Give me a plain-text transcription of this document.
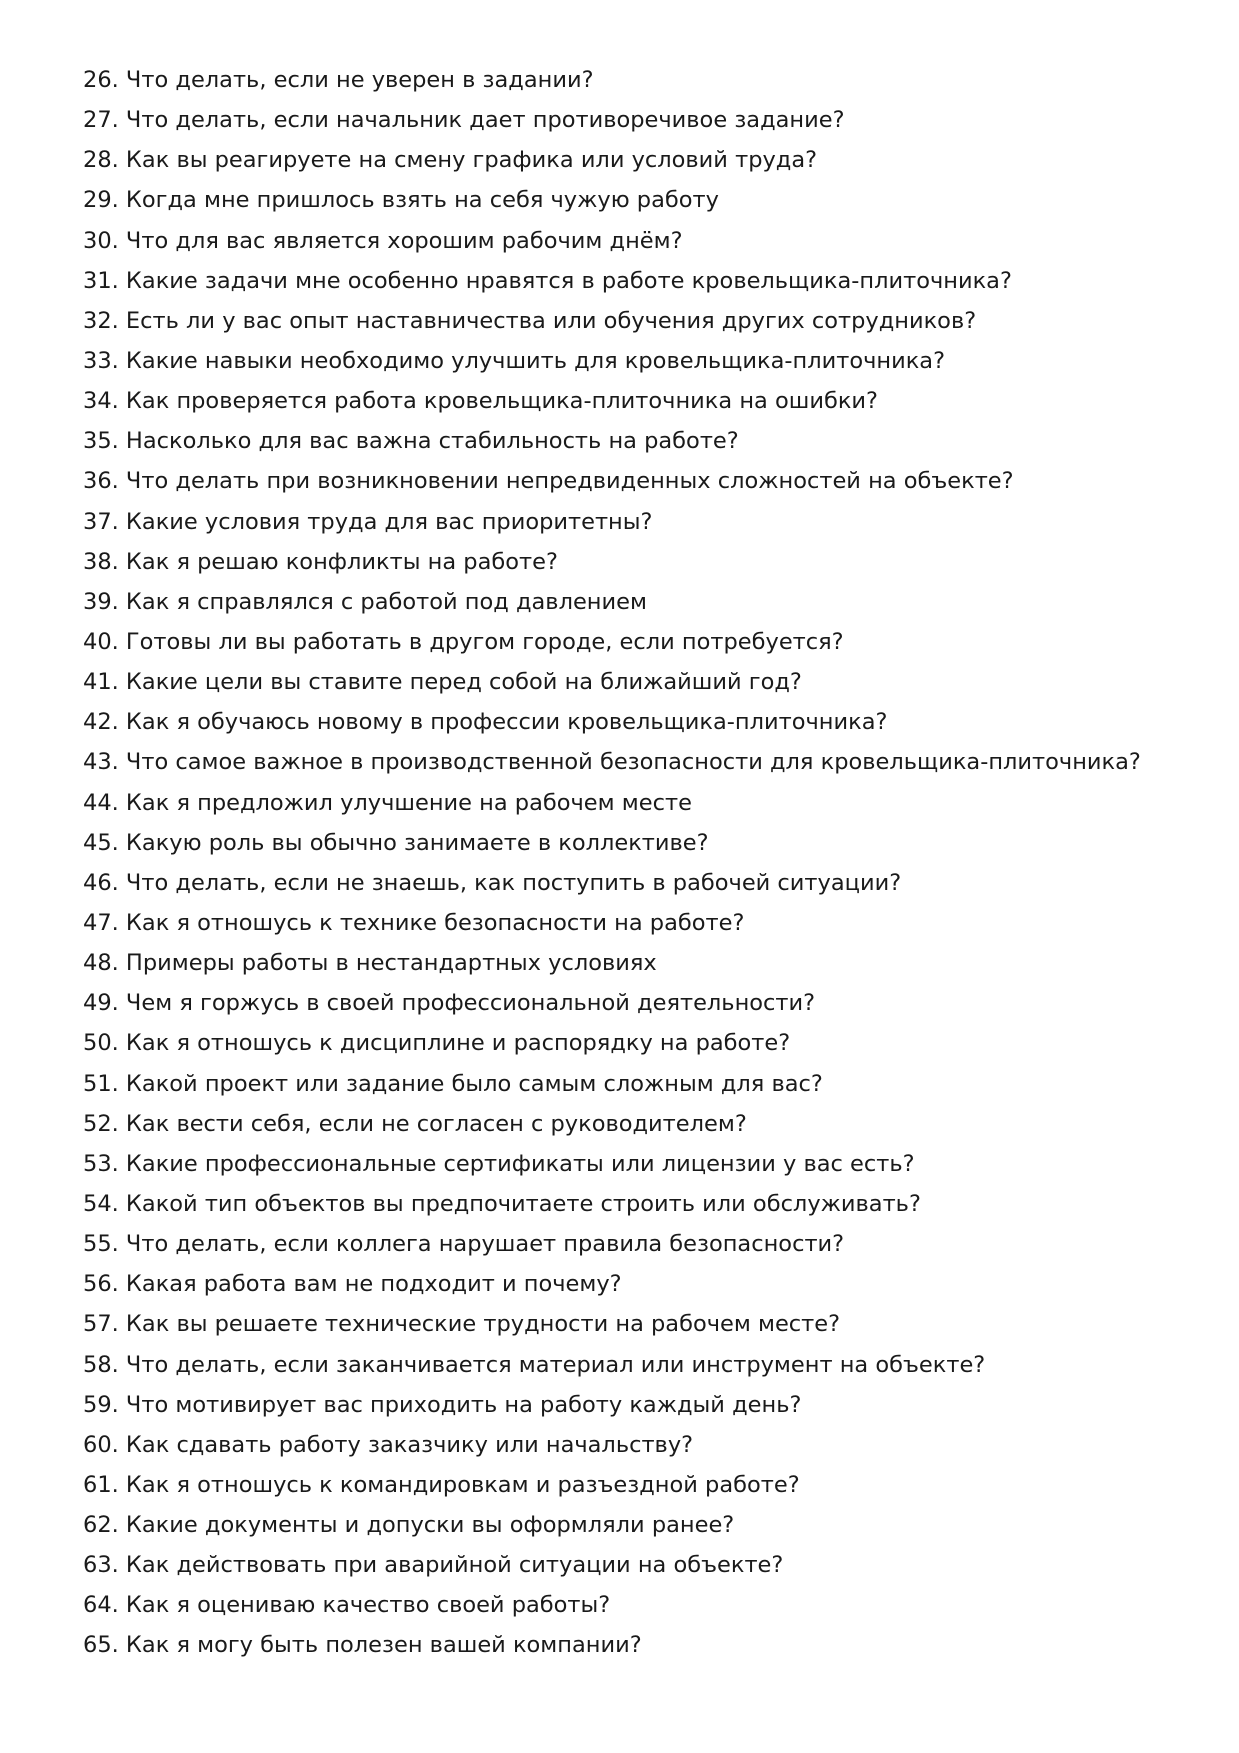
26. Что делать, если не уверен в задании?
27. Что делать, если начальник дает противоречивое задание?
28. Как вы реагируете на смену графика или условий труда?
29. Когда мне пришлось взять на себя чужую работу
30. Что для вас является хорошим рабочим днём?
31. Какие задачи мне особенно нравятся в работе кровельщика-плиточника?
32. Есть ли у вас опыт наставничества или обучения других сотрудников?
33. Какие навыки необходимо улучшить для кровельщика-плиточника?
34. Как проверяется работа кровельщика-плиточника на ошибки?
35. Насколько для вас важна стабильность на работе?
36. Что делать при возникновении непредвиденных сложностей на объекте?
37. Какие условия труда для вас приоритетны?
38. Как я решаю конфликты на работе?
39. Как я справлялся с работой под давлением
40. Готовы ли вы работать в другом городе, если потребуется?
41. Какие цели вы ставите перед собой на ближайший год?
42. Как я обучаюсь новому в профессии кровельщика-плиточника?
43. Что самое важное в производственной безопасности для кровельщика-плиточника?
44. Как я предложил улучшение на рабочем месте
45. Какую роль вы обычно занимаете в коллективе?
46. Что делать, если не знаешь, как поступить в рабочей ситуации?
47. Как я отношусь к технике безопасности на работе?
48. Примеры работы в нестандартных условиях
49. Чем я горжусь в своей профессиональной деятельности?
50. Как я отношусь к дисциплине и распорядку на работе?
51. Какой проект или задание было самым сложным для вас?
52. Как вести себя, если не согласен с руководителем?
53. Какие профессиональные сертификаты или лицензии у вас есть?
54. Какой тип объектов вы предпочитаете строить или обслуживать?
55. Что делать, если коллега нарушает правила безопасности?
56. Какая работа вам не подходит и почему?
57. Как вы решаете технические трудности на рабочем месте?
58. Что делать, если заканчивается материал или инструмент на объекте?
59. Что мотивирует вас приходить на работу каждый день?
60. Как сдавать работу заказчику или начальству?
61. Как я отношусь к командировкам и разъездной работе?
62. Какие документы и допуски вы оформляли ранее?
63. Как действовать при аварийной ситуации на объекте?
64. Как я оцениваю качество своей работы?
65. Как я могу быть полезен вашей компании?
